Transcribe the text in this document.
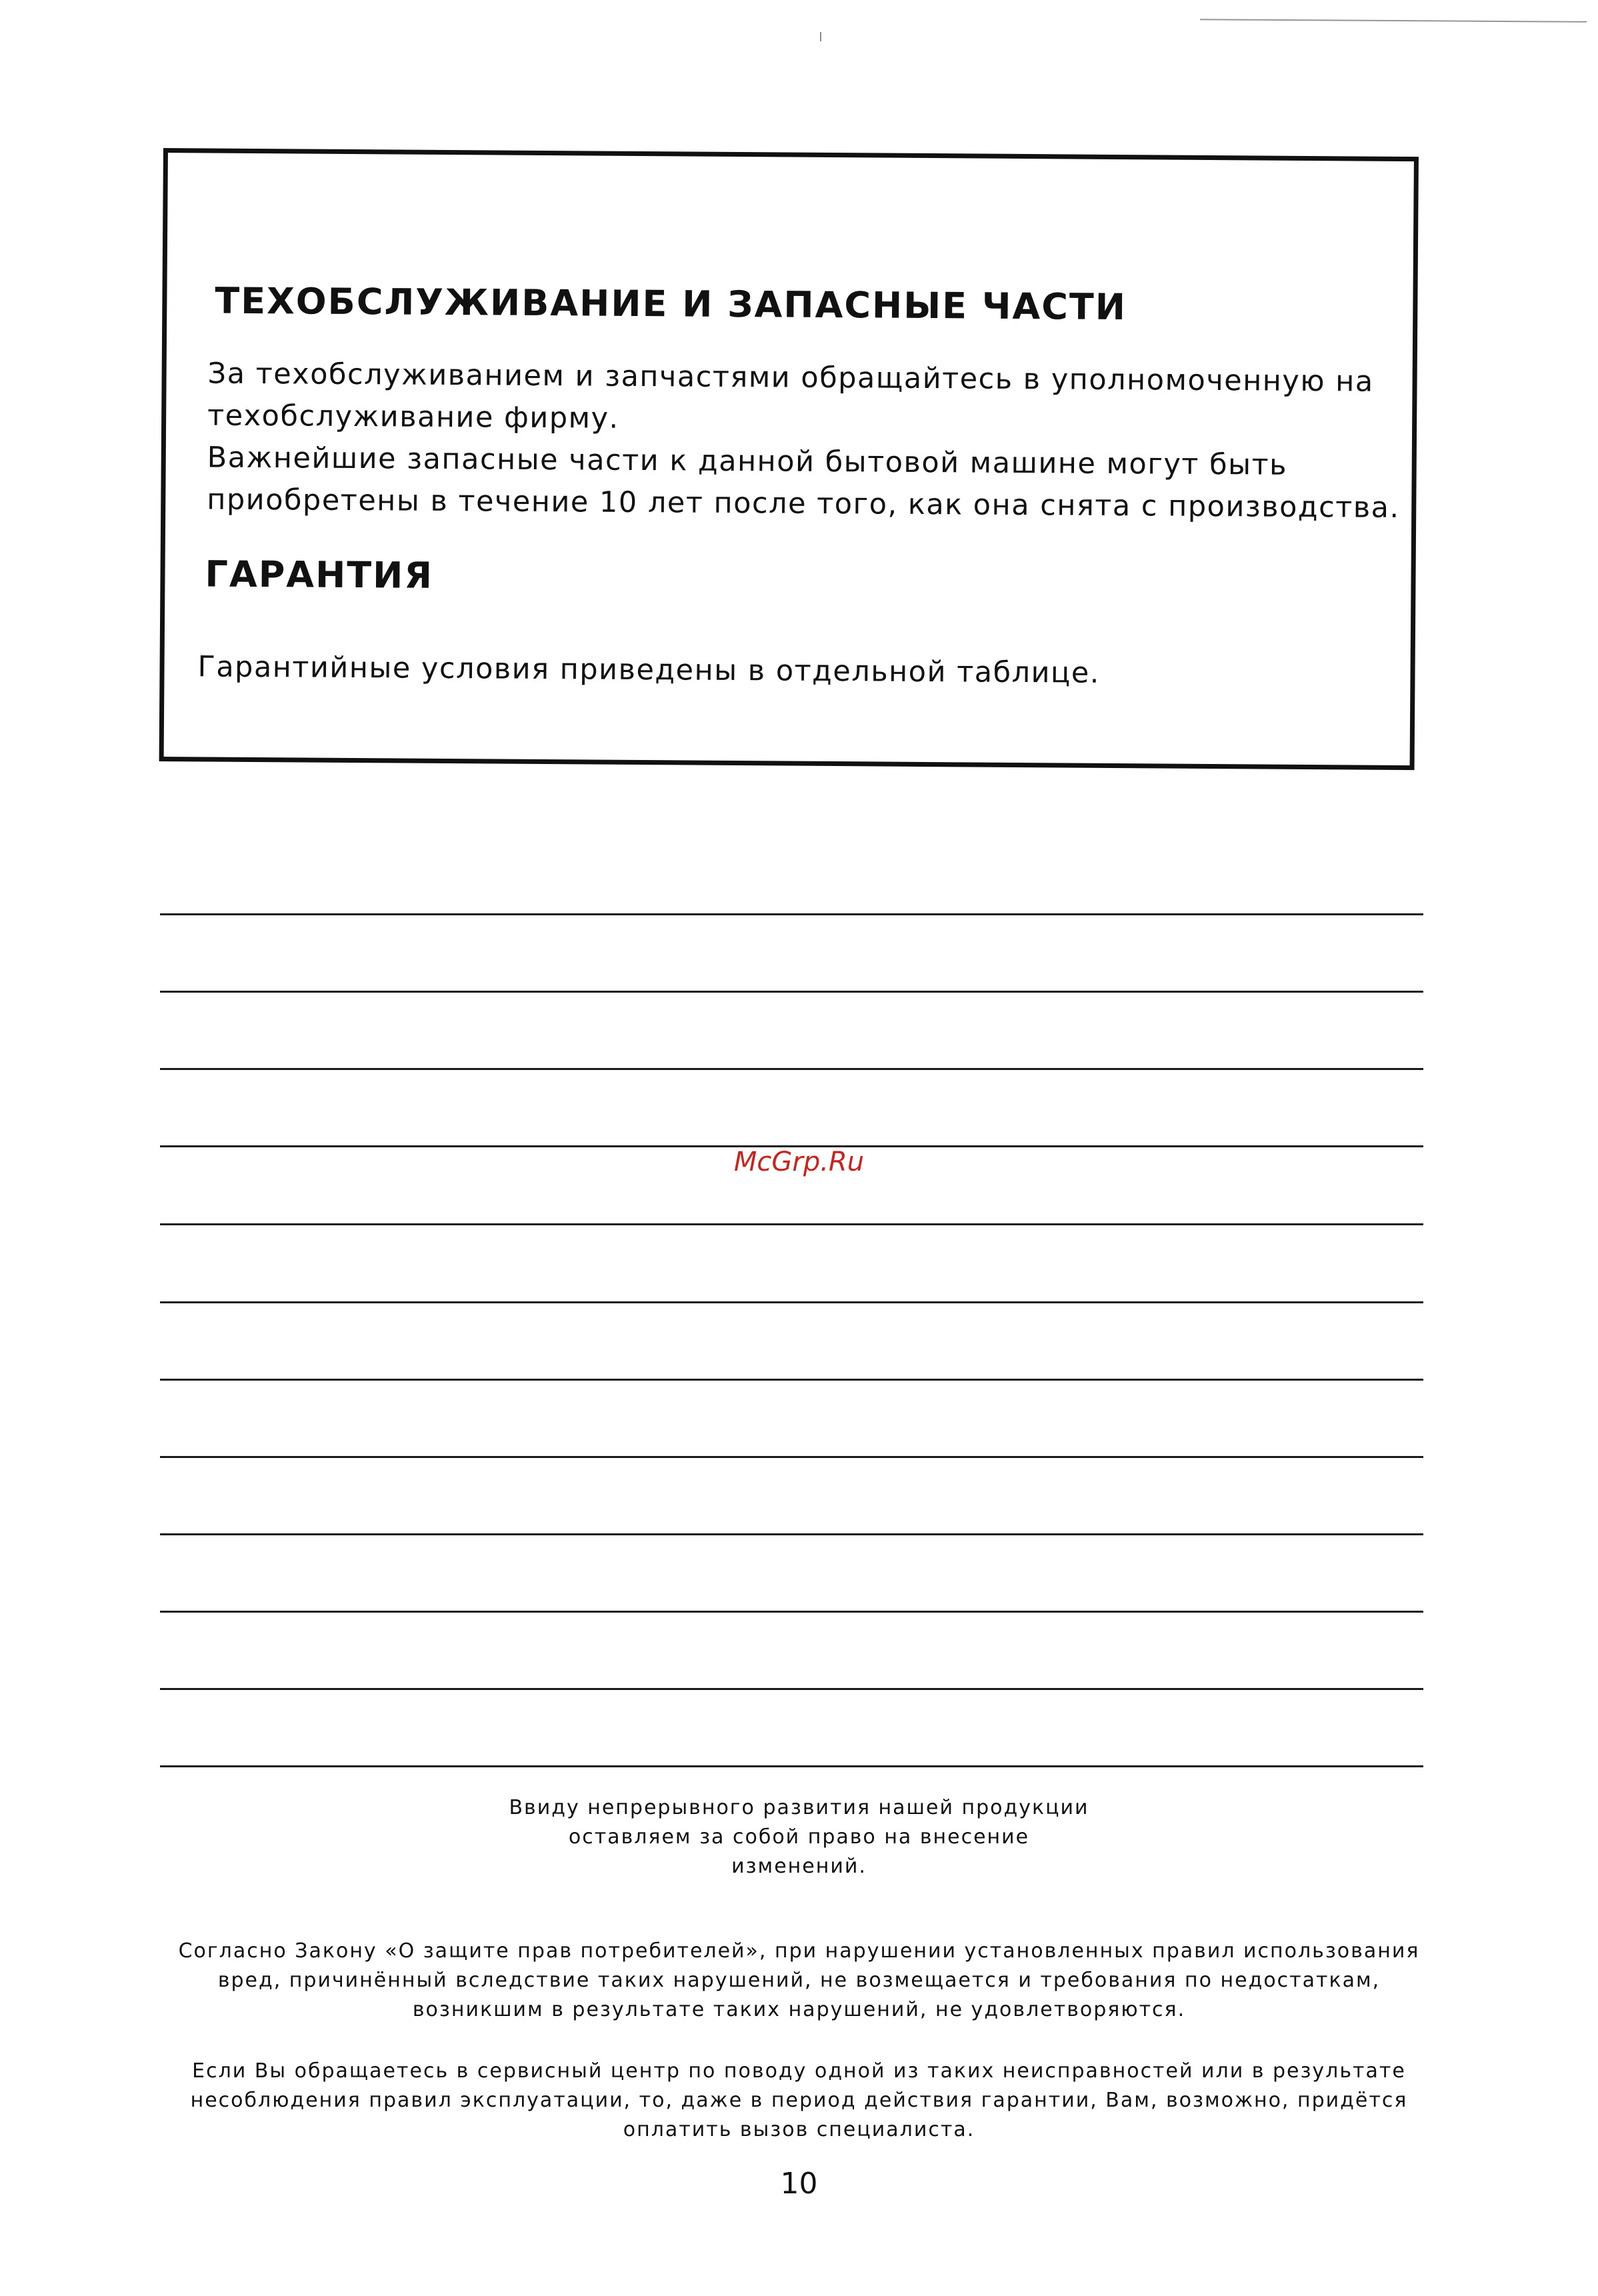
ТЕХОБСЛУЖИВАНИЕ И ЗАПАСНЫЕ ЧАСТИ

За техобслуживанием и запчастями обращайтесь в уполномоченную на
техобслуживание фирму.

Важнейшие запасные части к данной бытовой машине могут быть
приобретены в течение 10 лет после того, как она снята с производства.

ГАРАНТИЯ

Гарантийные условия приведены в отдельной таблице.

McGrp.Ru

Ввиду непрерывного развития нашей продукции
оставляем за собой право на внесение
изменений.

Согласно Закону «О защите прав потребителей», при нарушении установленных правил использования
вред, причинённый вследствие таких нарушений, не возмещается и требования по недостаткам,
возникшим в результате таких нарушений, не удовлетворяются.

Если Вы обращаетесь в сервисный центр по поводу одной из таких неисправностей или в результате
несоблюдения правил эксплуатации, то, даже в период действия гарантии, Вам, возможно, придётся
оплатить вызов специалиста.

10
